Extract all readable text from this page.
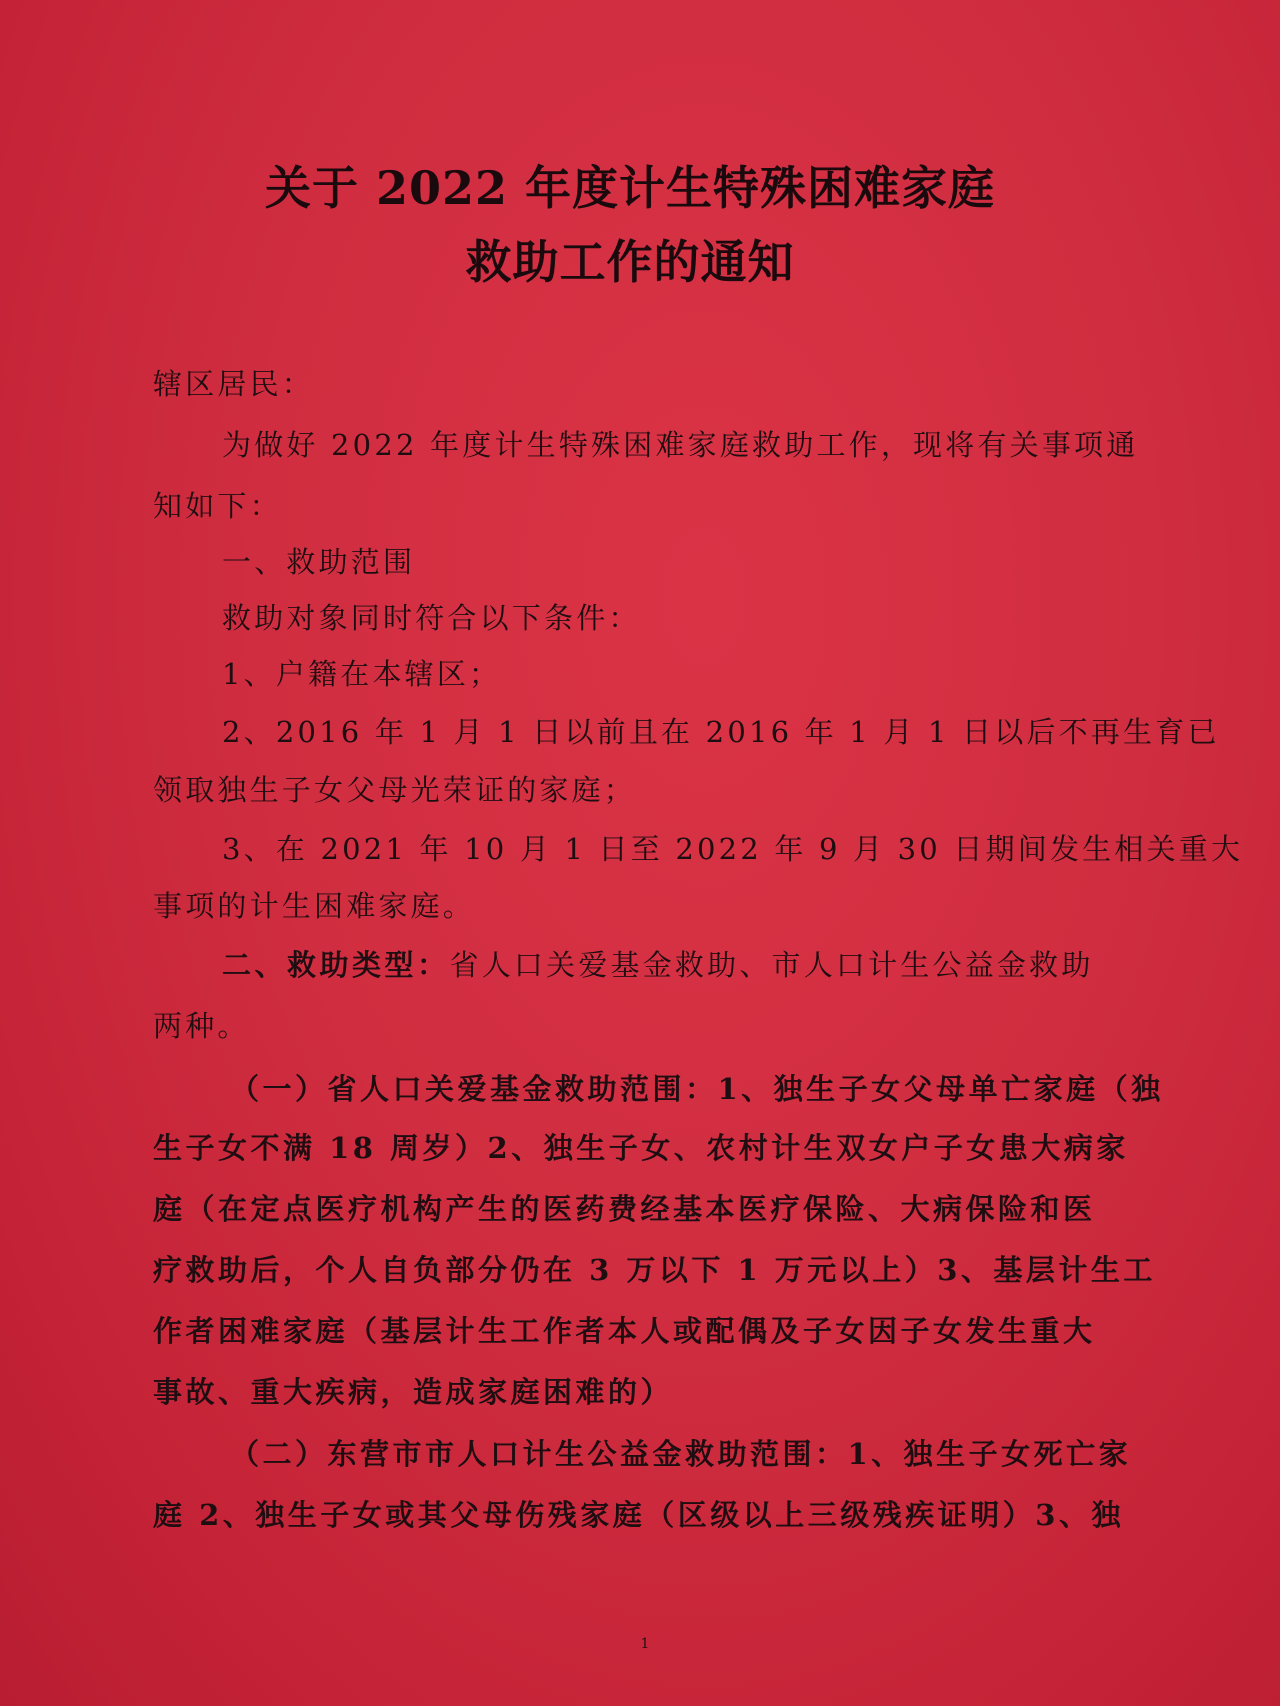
关于 2022 年度计生特殊困难家庭
救助工作的通知
辖区居民：
为做好 2022 年度计生特殊困难家庭救助工作，现将有关事项通
知如下：
一、救助范围
救助对象同时符合以下条件：
1、户籍在本辖区；
2、2016 年 1 月 1 日以前且在 2016 年 1 月 1 日以后不再生育已
领取独生子女父母光荣证的家庭；
3、在 2021 年 10 月 1 日至 2022 年 9 月 30 日期间发生相关重大
事项的计生困难家庭。
二、救助类型：省人口关爱基金救助、市人口计生公益金救助
两种。
（一）省人口关爱基金救助范围：1、独生子女父母单亡家庭（独
生子女不满 18 周岁）2、独生子女、农村计生双女户子女患大病家
庭（在定点医疗机构产生的医药费经基本医疗保险、大病保险和医
疗救助后，个人自负部分仍在 3 万以下 1 万元以上）3、基层计生工
作者困难家庭（基层计生工作者本人或配偶及子女因子女发生重大
事故、重大疾病，造成家庭困难的）
（二）东营市市人口计生公益金救助范围：1、独生子女死亡家
庭 2、独生子女或其父母伤残家庭（区级以上三级残疾证明）3、独
1
